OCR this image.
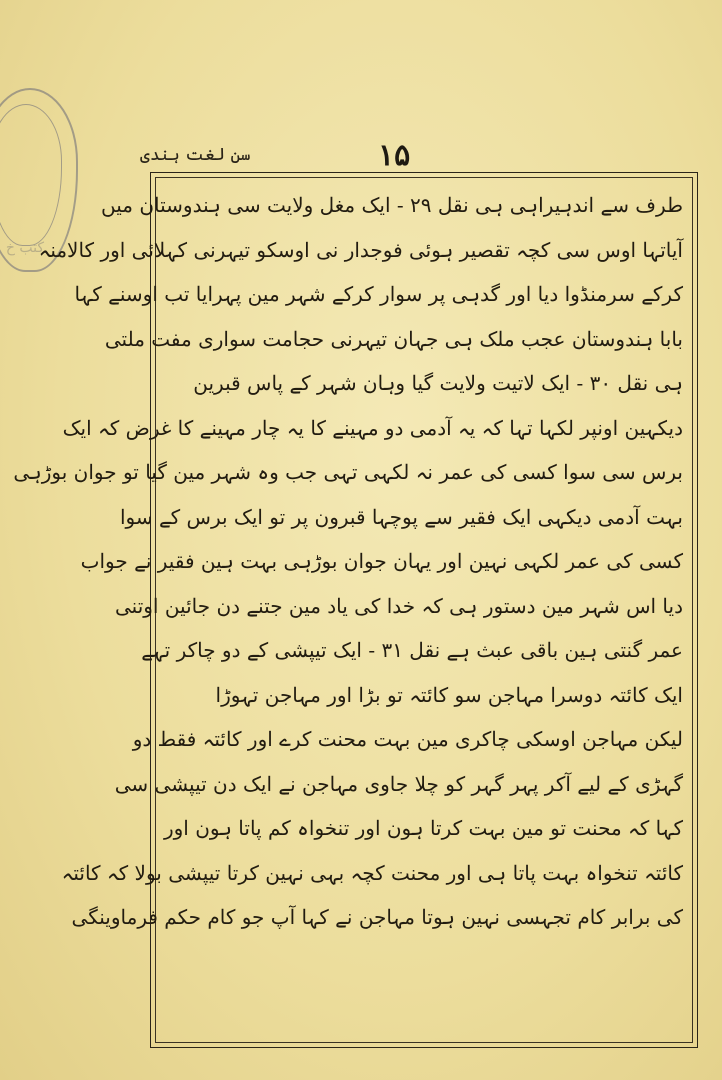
کتب خ
سن لغت ہندی	۱۵
طرف سے اندہیراہی ہی نقل ۲۹ - ایک مغل ولایت سی ہندوستان میں
آیاتہا اوس سی کچہ تقصیر ہوئی فوجدار نی اوسکو تیہرنی کہلائی اور کالامنہ
کرکے سرمنڈوا دیا اور گدہی پر سوار کرکے شہر مین پہرایا تب اوسنے کہا
بابا ہندوستان عجب ملک ہی جہان تیہرنی حجامت سواری مفت ملتی
ہی نقل ۳۰ - ایک لاتیت ولایت گیا وہان شہر کے پاس قبرین
دیکہین اونپر لکہا تہا کہ یہ آدمی دو مہینے کا یہ چار مہینے کا غرض کہ ایک
برس سی سوا کسی کی عمر نہ لکہی تہی جب وہ شہر مین گیا تو جوان بوڑہی
بہت آدمی دیکہی ایک فقیر سے پوچہا قبرون پر تو ایک برس کے سوا
کسی کی عمر لکہی نہین اور یہان جوان بوڑہی بہت ہین فقیر نے جواب
دیا اس شہر مین دستور ہی کہ خدا کی یاد مین جتنے دن جائین اوتنی
عمر گنتی ہین باقی عبث ہے نقل ۳۱ - ایک تیپشی کے دو چاکر تہے
ایک کائتہ دوسرا مہاجن سو کائتہ تو بڑا اور مہاجن تہوڑا
لیکن مہاجن اوسکی چاکری مین بہت محنت کرے اور کائتہ فقط دو
گہڑی کے لیے آکر پہر گہر کو چلا جاوی مہاجن نے ایک دن تیپشی سی
کہا کہ محنت تو مین بہت کرتا ہون اور تنخواہ کم پاتا ہون اور
کائتہ تنخواہ بہت پاتا ہی اور محنت کچہ بہی نہین کرتا تیپشی بولا کہ کائتہ
کی برابر کام تجہسی نہین ہوتا مہاجن نے کہا آپ جو کام حکم فرماوینگی
